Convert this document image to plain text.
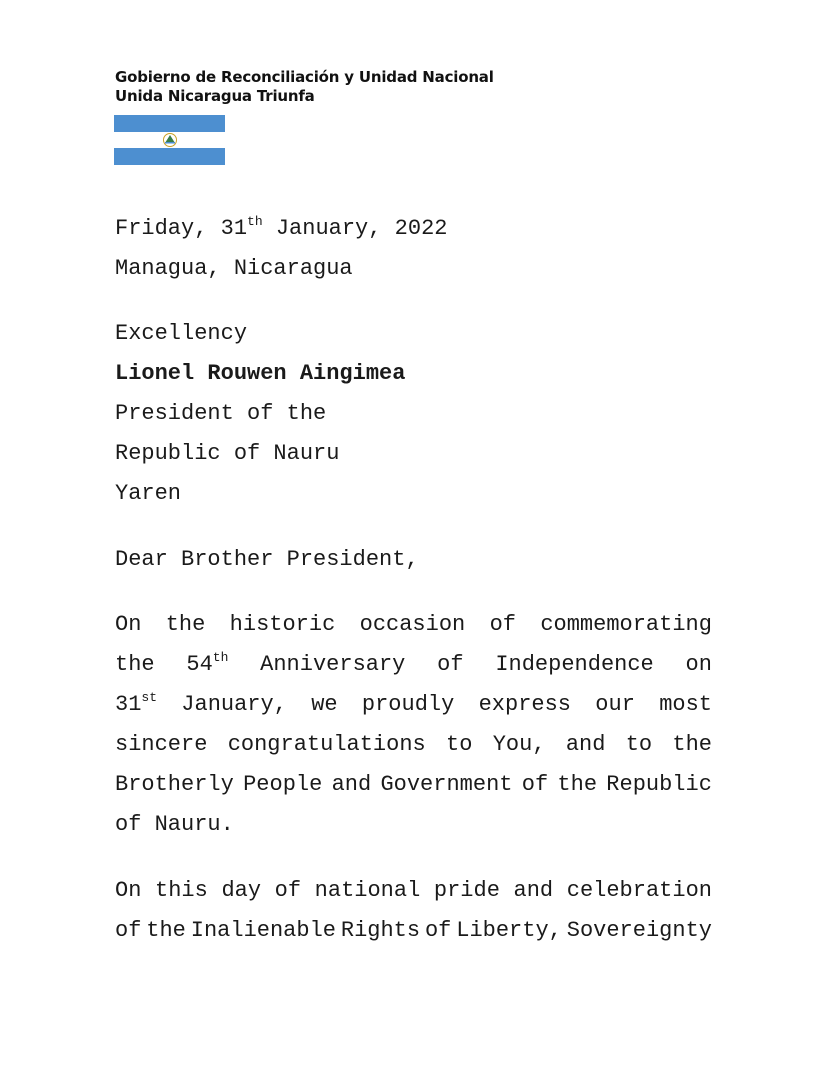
Gobierno de Reconciliación y Unidad Nacional
Unida Nicaragua Triunfa
Friday, 31th January, 2022
Managua, Nicaragua
Excellency
Lionel Rouwen Aingimea
President of the
Republic of Nauru
Yaren
Dear Brother President,
On the historic occasion of commemorating
the 54th Anniversary of Independence on
31st January, we proudly express our most
sincere congratulations to You, and to the
Brotherly People and Government of the Republic
of Nauru.
On this day of national pride and celebration
of the Inalienable Rights of Liberty, Sovereignty
